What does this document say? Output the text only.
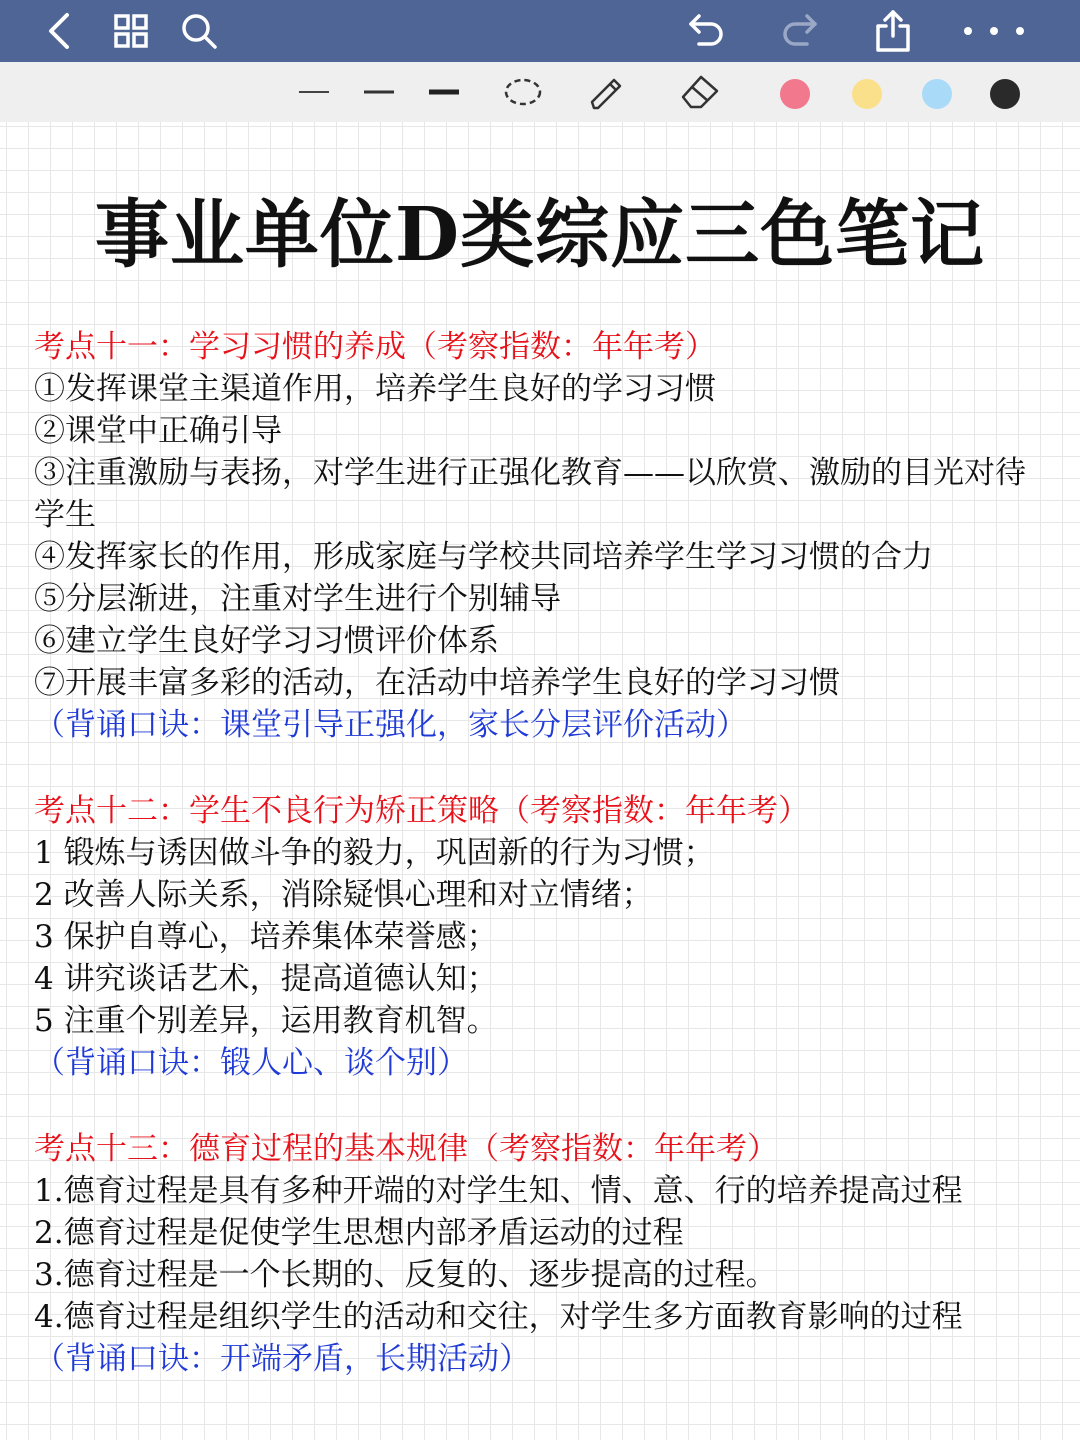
事业单位D类综应三色笔记
考点十一：学习习惯的养成（考察指数：年年考）
①发挥课堂主渠道作用，培养学生良好的学习习惯
②课堂中正确引导
③注重激励与表扬，对学生进行正强化教育——以欣赏、激励的目光对待学生
④发挥家长的作用，形成家庭与学校共同培养学生学习习惯的合力
⑤分层渐进，注重对学生进行个别辅导
⑥建立学生良好学习习惯评价体系
⑦开展丰富多彩的活动，在活动中培养学生良好的学习习惯
（背诵口诀：课堂引导正强化，家长分层评价活动）
考点十二：学生不良行为矫正策略（考察指数：年年考）
1 锻炼与诱因做斗争的毅力，巩固新的行为习惯；
2 改善人际关系，消除疑惧心理和对立情绪；
3 保护自尊心，培养集体荣誉感；
4 讲究谈话艺术，提高道德认知；
5 注重个别差异，运用教育机智。
（背诵口诀：锻人心、谈个别）
考点十三：德育过程的基本规律（考察指数：年年考）
1.德育过程是具有多种开端的对学生知、情、意、行的培养提高过程
2.德育过程是促使学生思想内部矛盾运动的过程
3.德育过程是一个长期的、反复的、逐步提高的过程。
4.德育过程是组织学生的活动和交往，对学生多方面教育影响的过程
（背诵口诀：开端矛盾，长期活动）
